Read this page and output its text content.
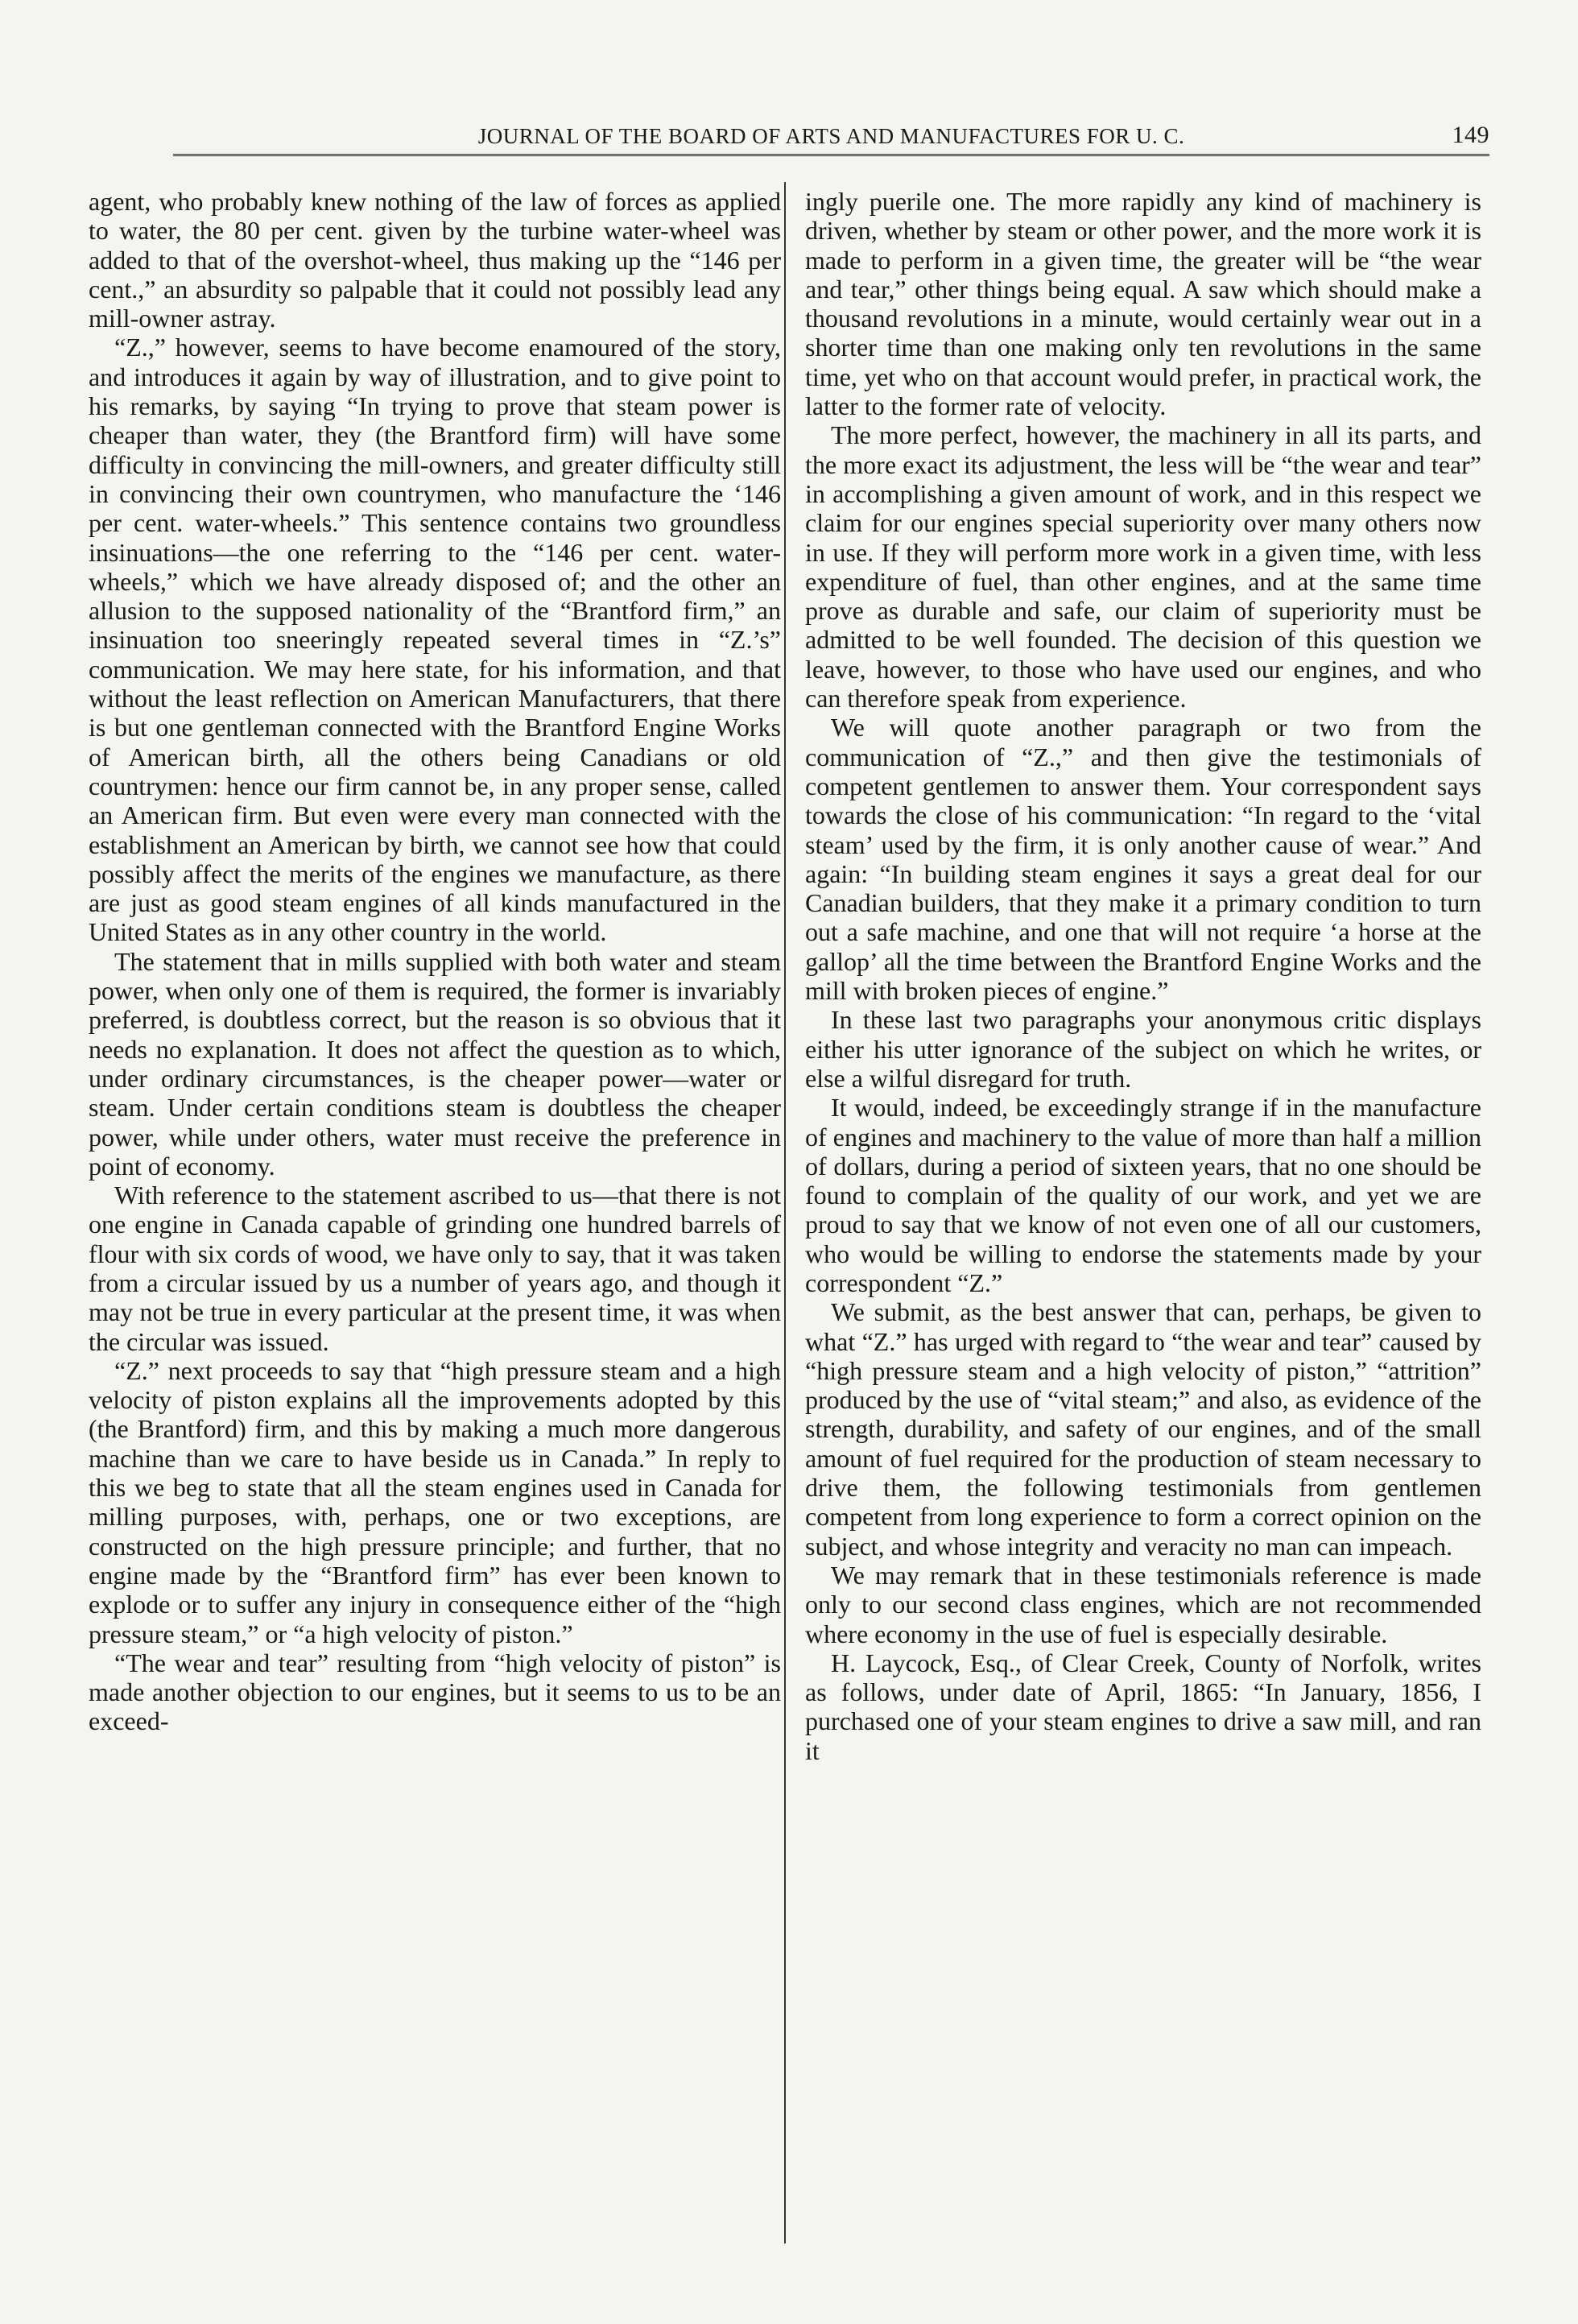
JOURNAL OF THE BOARD OF ARTS AND MANUFACTURES FOR U. C.	149

agent, who probably knew nothing of the law of forces as applied to water, the 80 per cent. given by the turbine water-wheel was added to that of the overshot-wheel, thus making up the “146 per cent.,” an absurdity so palpable that it could not possibly lead any mill-owner astray.

“Z.,” however, seems to have become enamoured of the story, and introduces it again by way of illustration, and to give point to his remarks, by saying “In trying to prove that steam power is cheaper than water, they (the Brantford firm) will have some difficulty in convincing the mill-owners, and greater difficulty still in convincing their own countrymen, who manufacture the ‘146 per cent. water-wheels.” This sentence contains two groundless insinuations—the one referring to the “146 per cent. water-wheels,” which we have already disposed of; and the other an allusion to the supposed nationality of the “Brantford firm,” an insinuation too sneeringly repeated several times in “Z.’s” communication. We may here state, for his information, and that without the least reflection on American Manufacturers, that there is but one gentleman connected with the Brantford Engine Works of American birth, all the others being Canadians or old countrymen: hence our firm cannot be, in any proper sense, called an American firm. But even were every man connected with the establishment an American by birth, we cannot see how that could possibly affect the merits of the engines we manufacture, as there are just as good steam engines of all kinds manufactured in the United States as in any other country in the world.

The statement that in mills supplied with both water and steam power, when only one of them is required, the former is invariably preferred, is doubtless correct, but the reason is so obvious that it needs no explanation. It does not affect the question as to which, under ordinary circumstances, is the cheaper power—water or steam. Under certain conditions steam is doubtless the cheaper power, while under others, water must receive the preference in point of economy.

With reference to the statement ascribed to us—that there is not one engine in Canada capable of grinding one hundred barrels of flour with six cords of wood, we have only to say, that it was taken from a circular issued by us a number of years ago, and though it may not be true in every particular at the present time, it was when the circular was issued.

“Z.” next proceeds to say that “high pressure steam and a high velocity of piston explains all the improvements adopted by this (the Brantford) firm, and this by making a much more dangerous machine than we care to have beside us in Canada.” In reply to this we beg to state that all the steam engines used in Canada for milling purposes, with, perhaps, one or two exceptions, are constructed on the high pressure principle; and further, that no engine made by the “Brantford firm” has ever been known to explode or to suffer any injury in consequence either of the “high pressure steam,” or “a high velocity of piston.”

“The wear and tear” resulting from “high velocity of piston” is made another objection to our engines, but it seems to us to be an exceed-

ingly puerile one. The more rapidly any kind of machinery is driven, whether by steam or other power, and the more work it is made to perform in a given time, the greater will be “the wear and tear,” other things being equal. A saw which should make a thousand revolutions in a minute, would certainly wear out in a shorter time than one making only ten revolutions in the same time, yet who on that account would prefer, in practical work, the latter to the former rate of velocity.

The more perfect, however, the machinery in all its parts, and the more exact its adjustment, the less will be “the wear and tear” in accomplishing a given amount of work, and in this respect we claim for our engines special superiority over many others now in use. If they will perform more work in a given time, with less expenditure of fuel, than other engines, and at the same time prove as durable and safe, our claim of superiority must be admitted to be well founded. The decision of this question we leave, however, to those who have used our engines, and who can therefore speak from experience.

We will quote another paragraph or two from the communication of “Z.,” and then give the testimonials of competent gentlemen to answer them. Your correspondent says towards the close of his communication: “In regard to the ‘vital steam’ used by the firm, it is only another cause of wear.” And again: “In building steam engines it says a great deal for our Canadian builders, that they make it a primary condition to turn out a safe machine, and one that will not require ‘a horse at the gallop’ all the time between the Brantford Engine Works and the mill with broken pieces of engine.”

In these last two paragraphs your anonymous critic displays either his utter ignorance of the subject on which he writes, or else a wilful disregard for truth.

It would, indeed, be exceedingly strange if in the manufacture of engines and machinery to the value of more than half a million of dollars, during a period of sixteen years, that no one should be found to complain of the quality of our work, and yet we are proud to say that we know of not even one of all our customers, who would be willing to endorse the statements made by your correspondent “Z.”

We submit, as the best answer that can, perhaps, be given to what “Z.” has urged with regard to “the wear and tear” caused by “high pressure steam and a high velocity of piston,” “attrition” produced by the use of “vital steam;” and also, as evidence of the strength, durability, and safety of our engines, and of the small amount of fuel required for the production of steam necessary to drive them, the following testimonials from gentlemen competent from long experience to form a correct opinion on the subject, and whose integrity and veracity no man can impeach.

We may remark that in these testimonials reference is made only to our second class engines, which are not recommended where economy in the use of fuel is especially desirable.

H. Laycock, Esq., of Clear Creek, County of Norfolk, writes as follows, under date of April, 1865: “In January, 1856, I purchased one of your steam engines to drive a saw mill, and ran it
